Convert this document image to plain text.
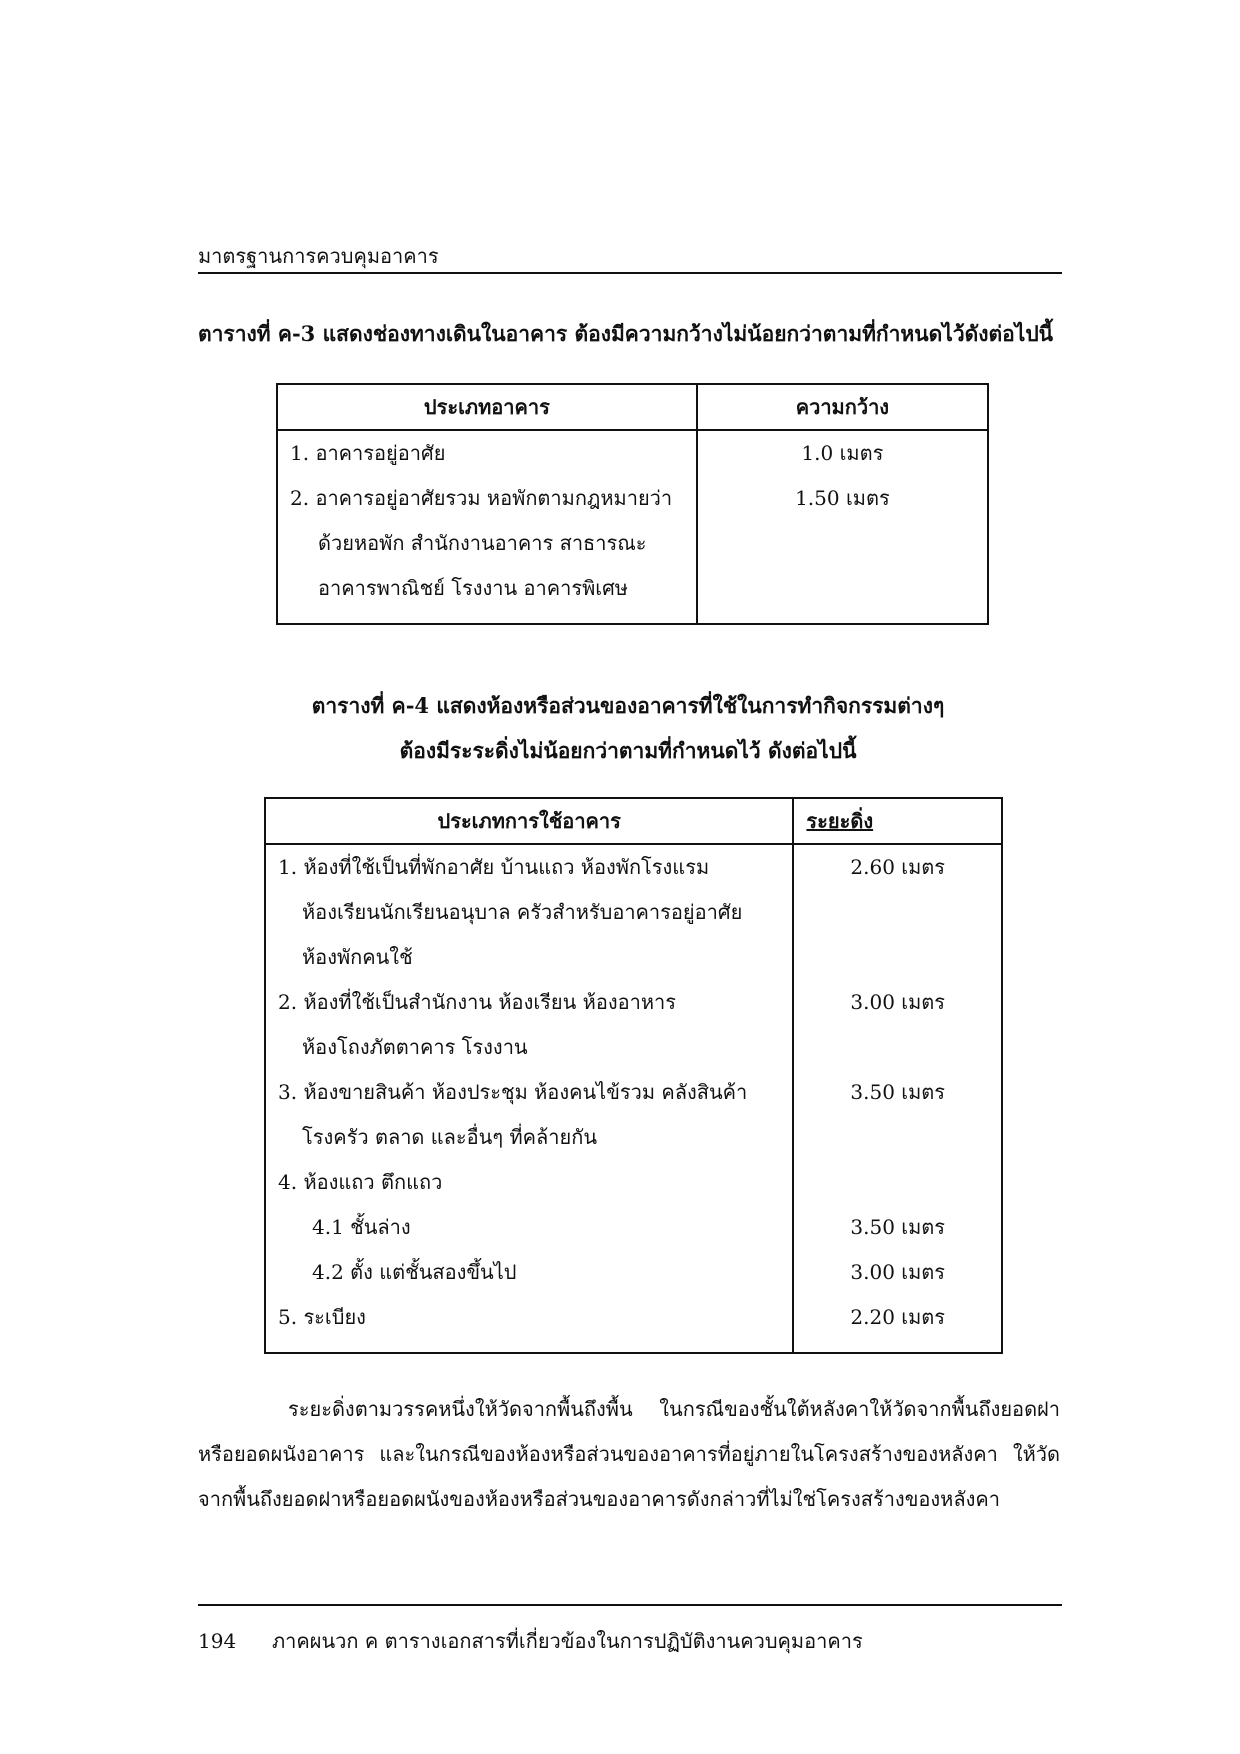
มาตรฐานการควบคุมอาคาร
ตารางที่ ค-3 แสดงช่องทางเดินในอาคาร ต้องมีความกว้างไม่น้อยกว่าตามที่กำหนดไว้ดังต่อไปนี้
ประเภทอาคาร	ความกว้าง

1. อาคารอยู่อาศัย	1.0 เมตร

2. อาคารอยู่อาศัยรวม หอพักตามกฎหมายว่า
ด้วยหอพัก สำนักงานอาคาร สาธารณะ
อาคารพาณิชย์ โรงงาน อาคารพิเศษ	1.50 เมตร
ตารางที่ ค-4 แสดงห้องหรือส่วนของอาคารที่ใช้ในการทำกิจกรรมต่างๆ
ต้องมีระระดิ่งไม่น้อยกว่าตามที่กำหนดไว้ ดังต่อไปนี้
ประเภทการใช้อาคาร	ระยะดิ่ง

1. ห้องที่ใช้เป็นที่พักอาศัย บ้านแถว ห้องพักโรงแรม
ห้องเรียนนักเรียนอนุบาล ครัวสำหรับอาคารอยู่อาศัย
ห้องพักคนใช้	2.60 เมตร

2. ห้องที่ใช้เป็นสำนักงาน ห้องเรียน ห้องอาหาร
ห้องโถงภัตตาคาร โรงงาน	3.00 เมตร

3. ห้องขายสินค้า ห้องประชุม ห้องคนไข้รวม คลังสินค้า
โรงครัว ตลาด และอื่นๆ ที่คล้ายกัน	3.50 เมตร

4. ห้องแถว ตึกแถว	

4.1 ชั้นล่าง	3.50 เมตร

4.2 ตั้ง แต่ชั้นสองขึ้นไป	3.00 เมตร

5. ระเบียง	2.20 เมตร
ระยะดิ่งตามวรรคหนึ่งให้วัดจากพื้นถึงพื้น ในกรณีของชั้นใต้หลังคาให้วัดจากพื้นถึงยอดฝา
หรือยอดผนังอาคาร และในกรณีของห้องหรือส่วนของอาคารที่อยู่ภายในโครงสร้างของหลังคา ให้วัด
จากพื้นถึงยอดฝาหรือยอดผนังของห้องหรือส่วนของอาคารดังกล่าวที่ไม่ใช่โครงสร้างของหลังคา
194 ภาคผนวก ค ตารางเอกสารที่เกี่ยวข้องในการปฏิบัติงานควบคุมอาคาร
